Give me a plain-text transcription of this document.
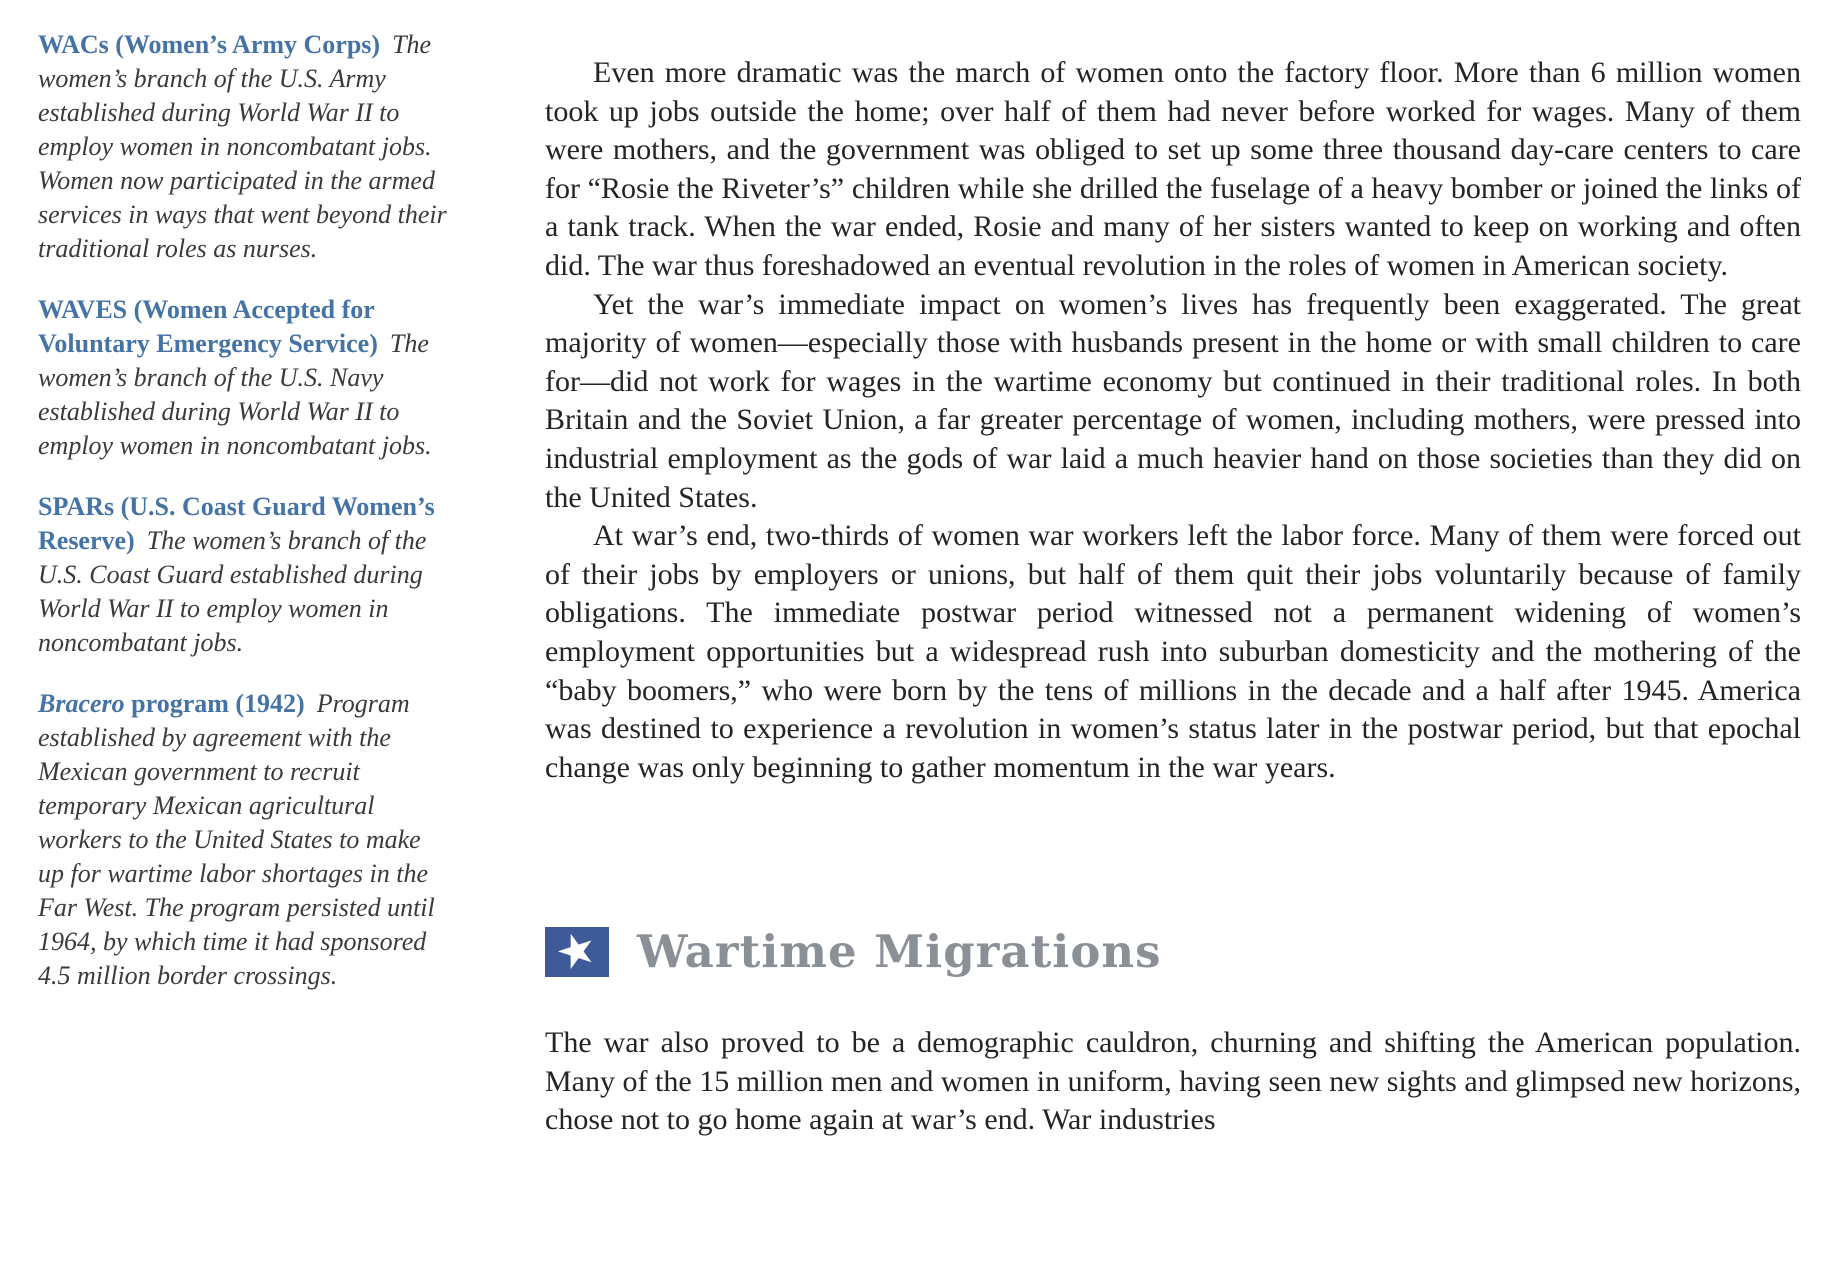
WACs (Women’s Army Corps) The women’s branch of the U.S. Army established during World War II to employ women in noncombatant jobs. Women now participated in the armed services in ways that went beyond their traditional roles as nurses.

WAVES (Women Accepted for Voluntary Emergency Service) The women’s branch of the U.S. Navy established during World War II to employ women in noncombatant jobs.

SPARs (U.S. Coast Guard Women’s Reserve) The women’s branch of the U.S. Coast Guard established during World War II to employ women in noncombatant jobs.

Bracero program (1942) Program established by agreement with the Mexican government to recruit temporary Mexican agricultural workers to the United States to make up for wartime labor shortages in the Far West. The program persisted until 1964, by which time it had sponsored 4.5 million border crossings.

Even more dramatic was the march of women onto the factory floor. More than 6 million women took up jobs outside the home; over half of them had never before worked for wages. Many of them were mothers, and the government was obliged to set up some three thousand day-care centers to care for “Rosie the Riveter’s” children while she drilled the fuselage of a heavy bomber or joined the links of a tank track. When the war ended, Rosie and many of her sisters wanted to keep on working and often did. The war thus foreshadowed an eventual revolution in the roles of women in American society.

Yet the war’s immediate impact on women’s lives has frequently been exaggerated. The great majority of women—especially those with husbands present in the home or with small children to care for—did not work for wages in the wartime economy but continued in their traditional roles. In both Britain and the Soviet Union, a far greater percentage of women, including mothers, were pressed into industrial employment as the gods of war laid a much heavier hand on those societies than they did on the United States.

At war’s end, two-thirds of women war workers left the labor force. Many of them were forced out of their jobs by employers or unions, but half of them quit their jobs voluntarily because of family obligations. The immediate postwar period witnessed not a permanent widening of women’s employment opportunities but a widespread rush into suburban domesticity and the mothering of the “baby boomers,” who were born by the tens of millions in the decade and a half after 1945. America was destined to experience a revolution in women’s status later in the postwar period, but that epochal change was only beginning to gather momentum in the war years.

★ Wartime Migrations

The war also proved to be a demographic cauldron, churning and shifting the American population. Many of the 15 million men and women in uniform, having seen new sights and glimpsed new horizons, chose not to go home again at war’s end. War industries
